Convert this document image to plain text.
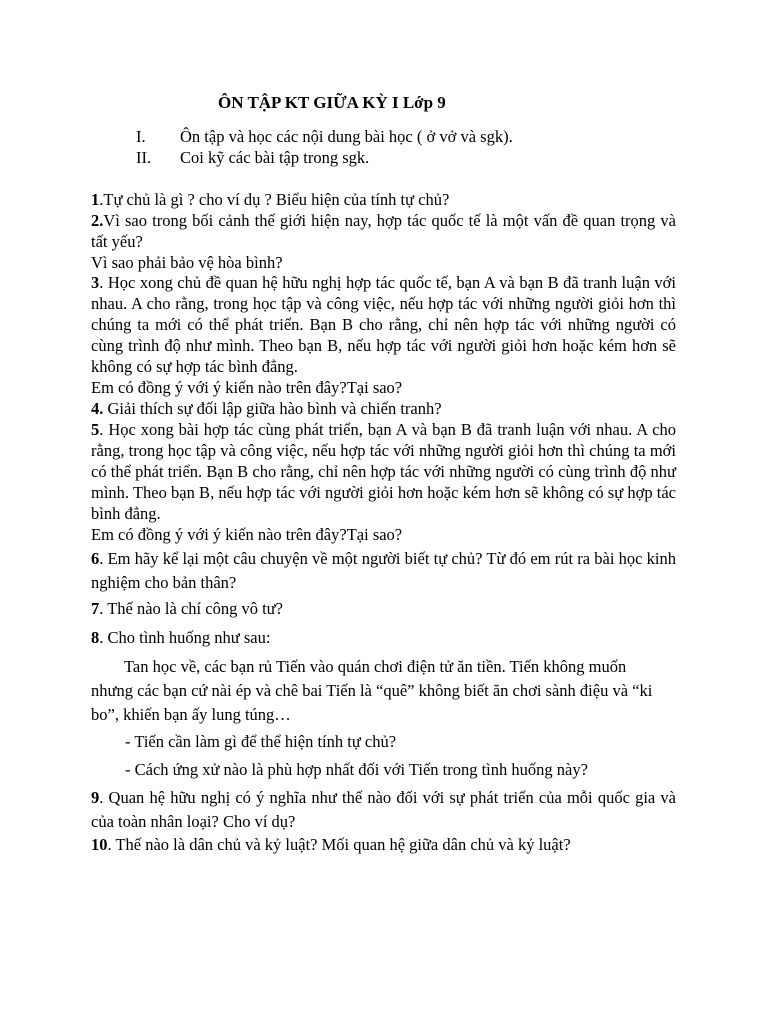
ÔN TẬP KT GIỮA KỲ I Lớp 9
I. Ôn tập và học các nội dung bài học ( ở vở và sgk).
II. Coi kỹ các bài tập trong sgk.
1.Tự chủ là gì ? cho ví dụ ? Biểu hiện của tính tự chủ?
2.Vì sao trong bối cảnh thế giới hiện nay, hợp tác quốc tế là một vấn đề quan trọng và tất yếu?
Vì sao phải bảo vệ hòa bình?
3. Học xong chủ đề quan hệ hữu nghị hợp tác quốc tế, bạn A và bạn B đã tranh luận với nhau. A cho rằng, trong học tập và công việc, nếu hợp tác với những người giỏi hơn thì chúng ta mới có thể phát triển. Bạn B cho rằng, chỉ nên hợp tác với những người có cùng trình độ như mình. Theo bạn B, nếu hợp tác với người giỏi hơn hoặc kém hơn sẽ không có sự hợp tác bình đẳng.
Em có đồng ý với ý kiến nào trên đây?Tại sao?
4. Giải thích sự đối lập giữa hào bình và chiến tranh?
5. Học xong bài hợp tác cùng phát triển, bạn A và bạn B đã tranh luận với nhau. A cho rằng, trong học tập và công việc, nếu hợp tác với những người giỏi hơn thì chúng ta mới có thể phát triển. Bạn B cho rằng, chỉ nên hợp tác với những người có cùng trình độ như mình. Theo bạn B, nếu hợp tác với người giỏi hơn hoặc kém hơn sẽ không có sự hợp tác bình đẳng.
Em có đồng ý với ý kiến nào trên đây?Tại sao?
6. Em hãy kể lại một câu chuyện về một người biết tự chủ? Từ đó em rút ra bài học kinh nghiệm cho bản thân?
7. Thế nào là chí công vô tư?
8. Cho tình huống như sau:
Tan học về, các bạn rủ Tiến vào quán chơi điện tử ăn tiền. Tiến không muốn nhưng các bạn cứ nài ép và chê bai Tiến là “quê” không biết ăn chơi sành điệu và “ki bo”, khiến bạn ấy lung túng…
- Tiến cần làm gì để thể hiện tính tự chủ?
- Cách ứng xử nào là phù hợp nhất đối với Tiến trong tình huống này?
9. Quan hệ hữu nghị có ý nghĩa như thế nào đối với sự phát triển của mỗi quốc gia và của toàn nhân loại? Cho ví dụ?
10. Thế nào là dân chủ và kỷ luật? Mối quan hệ giữa dân chủ và kỷ luật?
